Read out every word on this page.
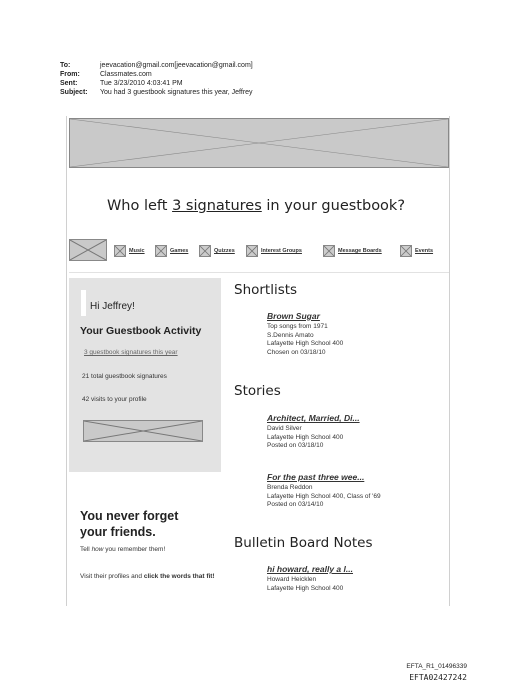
To:	jeevacation@gmail.com[jeevacation@gmail.com]
From:	Classmates.com
Sent:	Tue 3/23/2010 4:03:41 PM
Subject:	You had 3 guestbook signatures this year, Jeffrey
Who left 3 signatures in your guestbook?
Music	Games	Quizzes	Interest Groups	Message Boards	Events
Hi Jeffrey!
Your Guestbook Activity
3 guestbook signatures this year
21 total guestbook signatures
42 visits to your profile
You never forget
your friends.
Tell how you remember them!
Visit their profiles and click the words that fit!
Shortlists
Brown Sugar
Top songs from 1971
S.Dennis Amato
Lafayette High School 400
Chosen on 03/18/10
Stories
Architect, Married, Di...
David Silver
Lafayette High School 400
Posted on 03/18/10
For the past three wee...
Brenda Reddon
Lafayette High School 400, Class of '69
Posted on 03/14/10
Bulletin Board Notes
hi howard, really a l...
Howard Heicklen
Lafayette High School 400
EFTA_R1_01496339
EFTA02427242
